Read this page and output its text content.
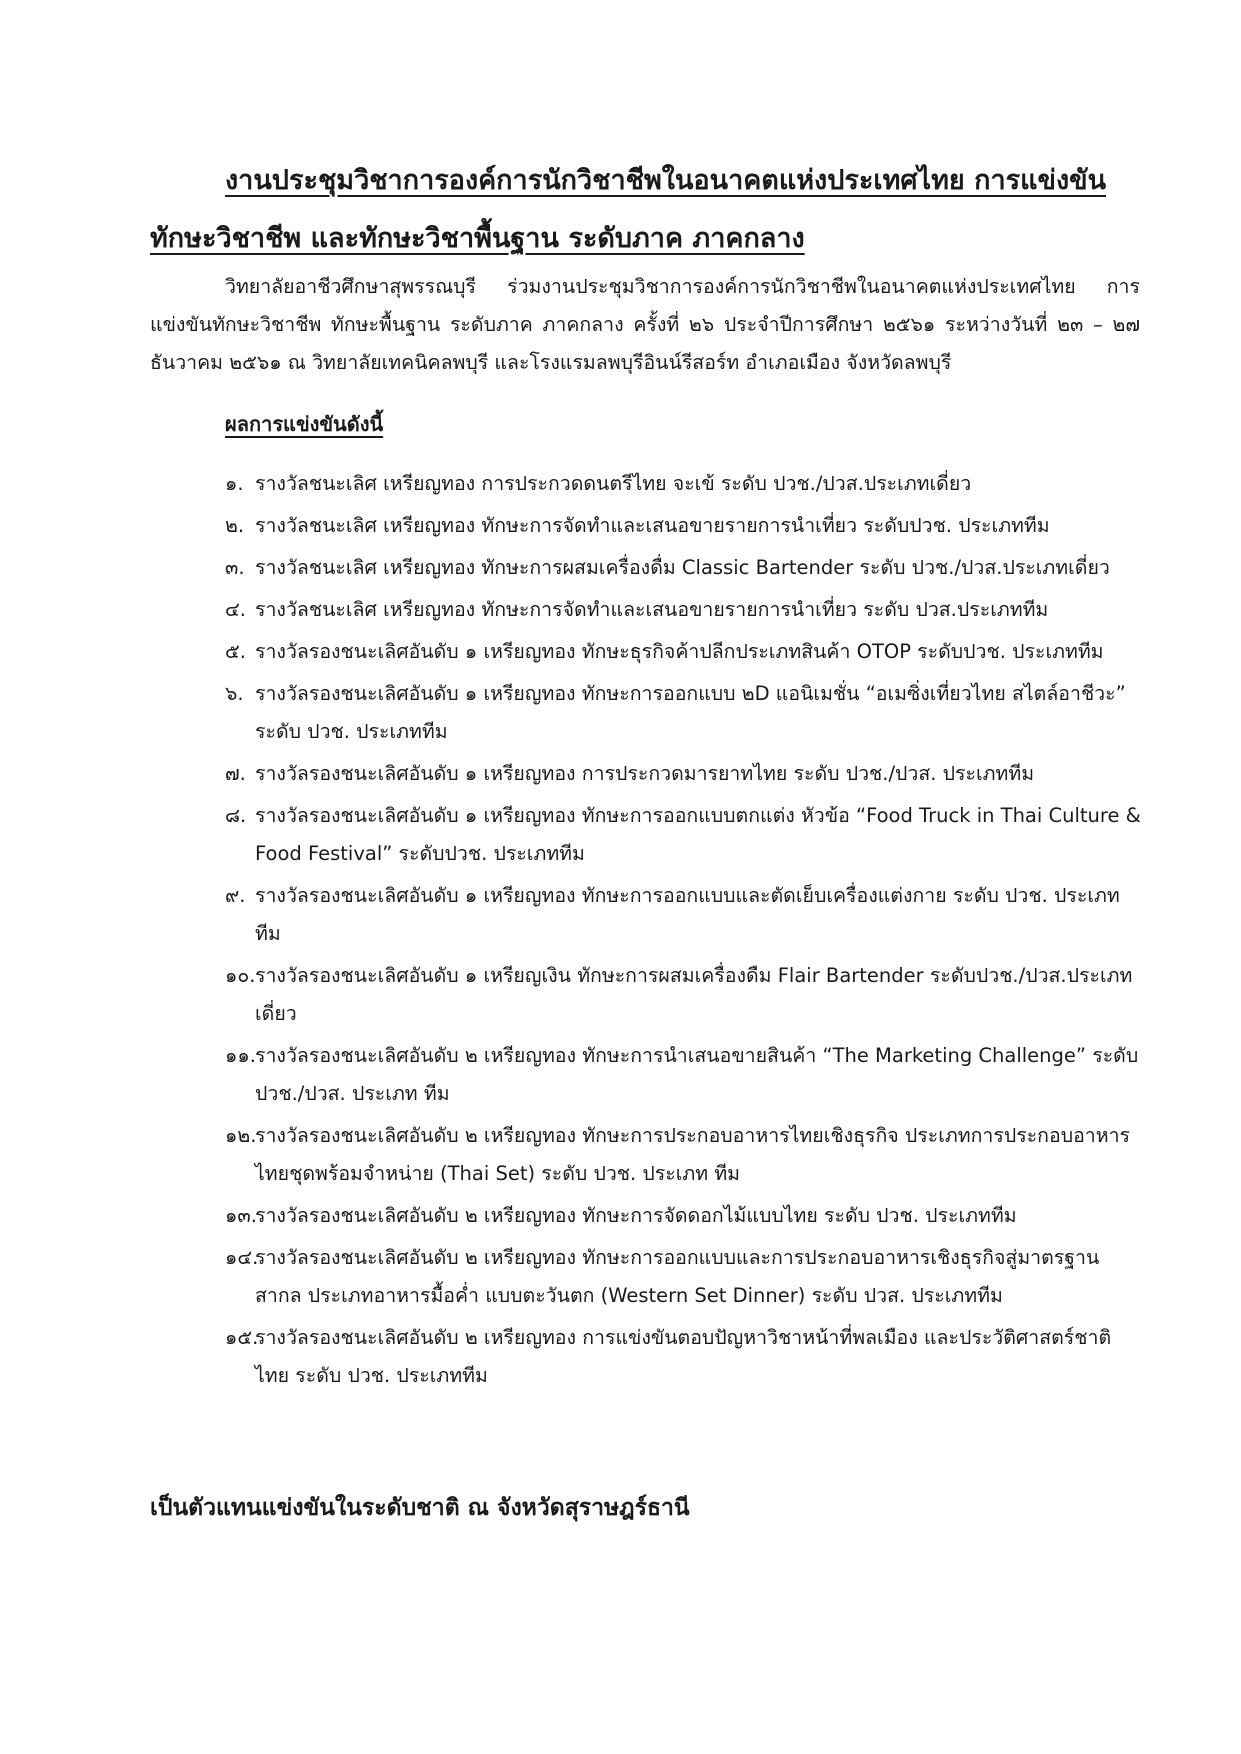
งานประชุมวิชาการองค์การนักวิชาชีพในอนาคตแห่งประเทศไทย การแข่งขันทักษะวิชาชีพ และทักษะวิชาพื้นฐาน ระดับภาค ภาคกลาง
วิทยาลัยอาชีวศึกษาสุพรรณบุรี ร่วมงานประชุมวิชาการองค์การนักวิชาชีพในอนาคตแห่งประเทศไทย การแข่งขันทักษะวิชาชีพ ทักษะพื้นฐาน ระดับภาค ภาคกลาง ครั้งที่ ๒๖ ประจำปีการศึกษา ๒๕๖๑ ระหว่างวันที่ ๒๓ – ๒๗ ธันวาคม ๒๕๖๑ ณ วิทยาลัยเทคนิคลพบุรี และโรงแรมลพบุรีอินน์รีสอร์ท อำเภอเมือง จังหวัดลพบุรี
ผลการแข่งขันดังนี้
๑. รางวัลชนะเลิศ เหรียญทอง การประกวดดนตรีไทย จะเข้ ระดับ ปวช./ปวส.ประเภทเดี่ยว
๒. รางวัลชนะเลิศ เหรียญทอง ทักษะการจัดทำและเสนอขายรายการนำเที่ยว ระดับปวช. ประเภททีม
๓. รางวัลชนะเลิศ เหรียญทอง ทักษะการผสมเครื่องดื่ม Classic Bartender ระดับ ปวช./ปวส.ประเภทเดี่ยว
๔. รางวัลชนะเลิศ เหรียญทอง ทักษะการจัดทำและเสนอขายรายการนำเที่ยว ระดับ ปวส.ประเภททีม
๕. รางวัลรองชนะเลิศอันดับ ๑ เหรียญทอง ทักษะธุรกิจค้าปลีกประเภทสินค้า OTOP ระดับปวช. ประเภททีม
๖. รางวัลรองชนะเลิศอันดับ ๑ เหรียญทอง ทักษะการออกแบบ ๒D แอนิเมชั่น “อเมซิ่งเที่ยวไทย สไตล์อาชีวะ” ระดับ ปวช. ประเภททีม
๗. รางวัลรองชนะเลิศอันดับ ๑ เหรียญทอง การประกวดมารยาทไทย ระดับ ปวช./ปวส. ประเภททีม
๘. รางวัลรองชนะเลิศอันดับ ๑ เหรียญทอง ทักษะการออกแบบตกแต่ง หัวข้อ “Food Truck in Thai Culture & Food Festival” ระดับปวช. ประเภททีม
๙. รางวัลรองชนะเลิศอันดับ ๑ เหรียญทอง ทักษะการออกแบบและตัดเย็บเครื่องแต่งกาย ระดับ ปวช. ประเภททีม
๑๐. รางวัลรองชนะเลิศอันดับ ๑ เหรียญเงิน ทักษะการผสมเครื่องดืม Flair Bartender ระดับปวช./ปวส.ประเภทเดี่ยว
๑๑. รางวัลรองชนะเลิศอันดับ ๒ เหรียญทอง ทักษะการนำเสนอขายสินค้า “The Marketing Challenge” ระดับ ปวช./ปวส. ประเภท ทีม
๑๒.
รางวัลรองชนะเลิศอันดับ ๒ เหรียญทอง ทักษะการประกอบอาหารไทยเชิงธุรกิจ ประเภทการประกอบอาหารไทยชุดพร้อมจำหน่าย (Thai Set) ระดับ ปวช. ประเภท ทีม
๑๓.
รางวัลรองชนะเลิศอันดับ ๒ เหรียญทอง ทักษะการจัดดอกไม้แบบไทย ระดับ ปวช. ประเภททีม
๑๔.
รางวัลรองชนะเลิศอันดับ ๒ เหรียญทอง ทักษะการออกแบบและการประกอบอาหารเชิงธุรกิจสู่มาตรฐานสากล ประเภทอาหารมื้อค่ำ แบบตะวันตก (Western Set Dinner) ระดับ ปวส. ประเภททีม
๑๕.
รางวัลรองชนะเลิศอันดับ ๒ เหรียญทอง การแข่งขันตอบปัญหาวิชาหน้าที่พลเมือง และประวัติศาสตร์ชาติไทย ระดับ ปวช. ประเภททีม
เป็นตัวแทนแข่งขันในระดับชาติ ณ จังหวัดสุราษฎร์ธานี
